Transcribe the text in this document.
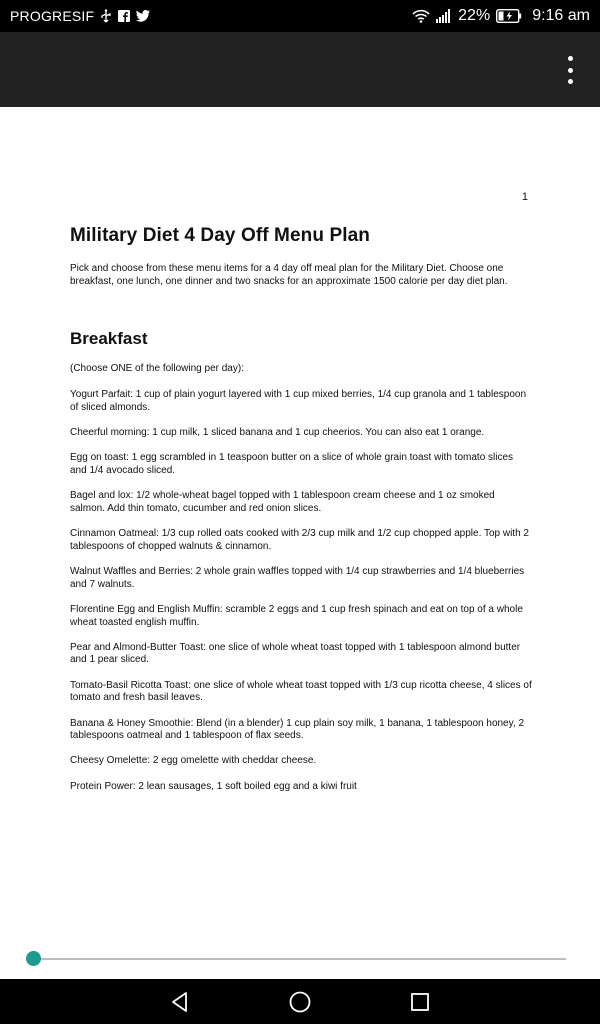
PROGRESIF	22%	9:16 am
1
Military Diet 4 Day Off Menu Plan
Pick and choose from these menu items for a 4 day off meal plan for the Military Diet. Choose one breakfast, one lunch, one dinner and two snacks for an approximate 1500 calorie per day diet plan.
Breakfast
(Choose ONE of the following per day):
Yogurt Parfait: 1 cup of plain yogurt layered with 1 cup mixed berries, 1/4 cup granola and 1 tablespoon of sliced almonds.
Cheerful morning: 1 cup milk, 1 sliced banana and 1 cup cheerios. You can also eat 1 orange.
Egg on toast: 1 egg scrambled in 1 teaspoon butter on a slice of whole grain toast with tomato slices and 1/4 avocado sliced.
Bagel and lox: 1/2 whole-wheat bagel topped with 1 tablespoon cream cheese and 1 oz smoked salmon. Add thin tomato, cucumber and red onion slices.
Cinnamon Oatmeal: 1/3 cup rolled oats cooked with 2/3 cup milk and 1/2 cup chopped apple. Top with 2 tablespoons of chopped walnuts & cinnamon.
Walnut Waffles and Berries: 2 whole grain waffles topped with 1/4 cup strawberries and 1/4 blueberries and 7 walnuts.
Florentine Egg and English Muffin: scramble 2 eggs and 1 cup fresh spinach and eat on top of a whole wheat toasted english muffin.
Pear and Almond-Butter Toast: one slice of whole wheat toast topped with 1 tablespoon almond butter and 1 pear sliced.
Tomato-Basil Ricotta Toast: one slice of whole wheat toast topped with 1/3 cup ricotta cheese, 4 slices of tomato and fresh basil leaves.
Banana & Honey Smoothie: Blend (in a blender) 1 cup plain soy milk, 1 banana, 1 tablespoon honey, 2 tablespoons oatmeal and 1 tablespoon of flax seeds.
Cheesy Omelette: 2 egg omelette with cheddar cheese.
Protein Power: 2 lean sausages, 1 soft boiled egg and a kiwi fruit
